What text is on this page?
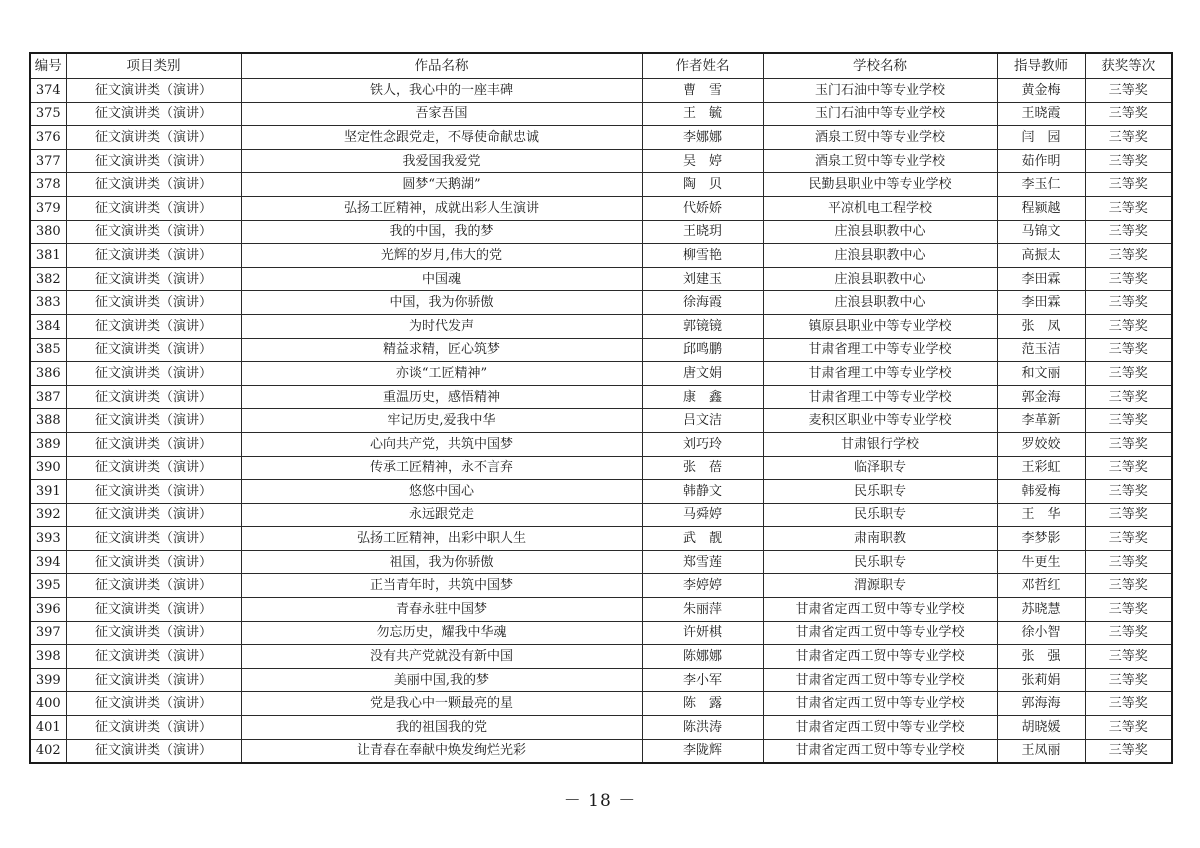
编号	项目类别	作品名称	作者姓名	学校名称	指导教师	获奖等次
374	征文演讲类（演讲）	铁人，我心中的一座丰碑	曹　雪	玉门石油中等专业学校	黄金梅	三等奖
375	征文演讲类（演讲）	吾家吾国	王　毓	玉门石油中等专业学校	王晓霞	三等奖
376	征文演讲类（演讲）	坚定性念跟党走，不辱使命献忠诚	李娜娜	酒泉工贸中等专业学校	闫　园	三等奖
377	征文演讲类（演讲）	我爱国我爱党	吴　婷	酒泉工贸中等专业学校	茹作明	三等奖
378	征文演讲类（演讲）	圆梦“天鹅湖”	陶　贝	民勤县职业中等专业学校	李玉仁	三等奖
379	征文演讲类（演讲）	弘扬工匠精神，成就出彩人生演讲	代娇娇	平凉机电工程学校	程颍越	三等奖
380	征文演讲类（演讲）	我的中国，我的梦	王晓玥	庄浪县职教中心	马锦文	三等奖
381	征文演讲类（演讲）	光辉的岁月,伟大的党	柳雪艳	庄浪县职教中心	高振太	三等奖
382	征文演讲类（演讲）	中国魂	刘建玉	庄浪县职教中心	李田霖	三等奖
383	征文演讲类（演讲）	中国，我为你骄傲	徐海霞	庄浪县职教中心	李田霖	三等奖
384	征文演讲类（演讲）	为时代发声	郭镜镜	镇原县职业中等专业学校	张　凤	三等奖
385	征文演讲类（演讲）	精益求精，匠心筑梦	邱鸣鹏	甘肃省理工中等专业学校	范玉洁	三等奖
386	征文演讲类（演讲）	亦谈“工匠精神”	唐文娟	甘肃省理工中等专业学校	和文丽	三等奖
387	征文演讲类（演讲）	重温历史，感悟精神	康　鑫	甘肃省理工中等专业学校	郭金海	三等奖
388	征文演讲类（演讲）	牢记历史,爱我中华	吕文洁	麦积区职业中等专业学校	李革新	三等奖
389	征文演讲类（演讲）	心向共产党，共筑中国梦	刘巧玲	甘肃银行学校	罗姣姣	三等奖
390	征文演讲类（演讲）	传承工匠精神，永不言弃	张　蓓	临泽职专	王彩虹	三等奖
391	征文演讲类（演讲）	悠悠中国心	韩静文	民乐职专	韩爱梅	三等奖
392	征文演讲类（演讲）	永远跟党走	马舜婷	民乐职专	王　华	三等奖
393	征文演讲类（演讲）	弘扬工匠精神，出彩中职人生	武　靓	肃南职教	李梦影	三等奖
394	征文演讲类（演讲）	祖国，我为你骄傲	郑雪莲	民乐职专	牛更生	三等奖
395	征文演讲类（演讲）	正当青年时，共筑中国梦	李婷婷	渭源职专	邓哲红	三等奖
396	征文演讲类（演讲）	青春永驻中国梦	朱丽萍	甘肃省定西工贸中等专业学校	苏晓慧	三等奖
397	征文演讲类（演讲）	勿忘历史，耀我中华魂	许妍棋	甘肃省定西工贸中等专业学校	徐小智	三等奖
398	征文演讲类（演讲）	没有共产党就没有新中国	陈娜娜	甘肃省定西工贸中等专业学校	张　强	三等奖
399	征文演讲类（演讲）	美丽中国,我的梦	李小军	甘肃省定西工贸中等专业学校	张莉娟	三等奖
400	征文演讲类（演讲）	党是我心中一颗最亮的星	陈　露	甘肃省定西工贸中等专业学校	郭海海	三等奖
401	征文演讲类（演讲）	我的祖国我的党	陈洪涛	甘肃省定西工贸中等专业学校	胡晓媛	三等奖
402	征文演讲类（演讲）	让青春在奉献中焕发绚烂光彩	李陇辉	甘肃省定西工贸中等专业学校	王凤丽	三等奖
－ 18 －
